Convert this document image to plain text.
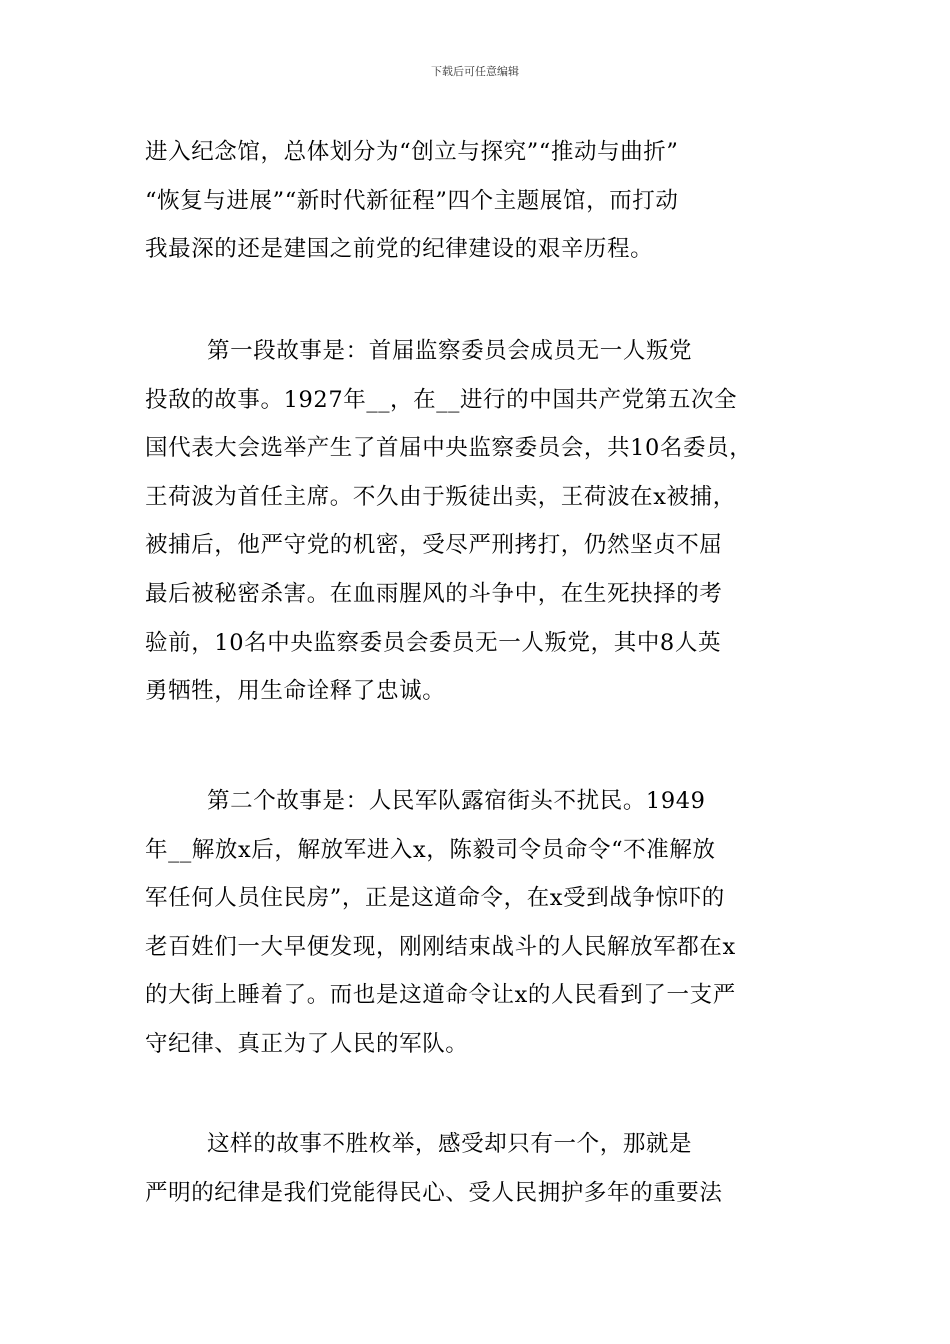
下载后可任意编辑
进入纪念馆，总体划分为“创立与探究”“推动与曲折”
“恢复与进展”“新时代新征程”四个主题展馆，而打动
我最深的还是建国之前党的纪律建设的艰辛历程。
第一段故事是：首届监察委员会成员无一人叛党
投敌的故事。1927年__，在__进行的中国共产党第五次全
国代表大会选举产生了首届中央监察委员会，共10名委员，
王荷波为首任主席。不久由于叛徒出卖，王荷波在x被捕，
被捕后，他严守党的机密，受尽严刑拷打，仍然坚贞不屈
最后被秘密杀害。在血雨腥风的斗争中，在生死抉择的考
验前，10名中央监察委员会委员无一人叛党，其中8人英
勇牺牲，用生命诠释了忠诚。
第二个故事是：人民军队露宿街头不扰民。1949
年__解放x后，解放军进入x，陈毅司令员命令“不准解放
军任何人员住民房”，正是这道命令，在x受到战争惊吓的
老百姓们一大早便发现，刚刚结束战斗的人民解放军都在x
的大街上睡着了。而也是这道命令让x的人民看到了一支严
守纪律、真正为了人民的军队。
这样的故事不胜枚举，感受却只有一个，那就是
严明的纪律是我们党能得民心、受人民拥护多年的重要法
